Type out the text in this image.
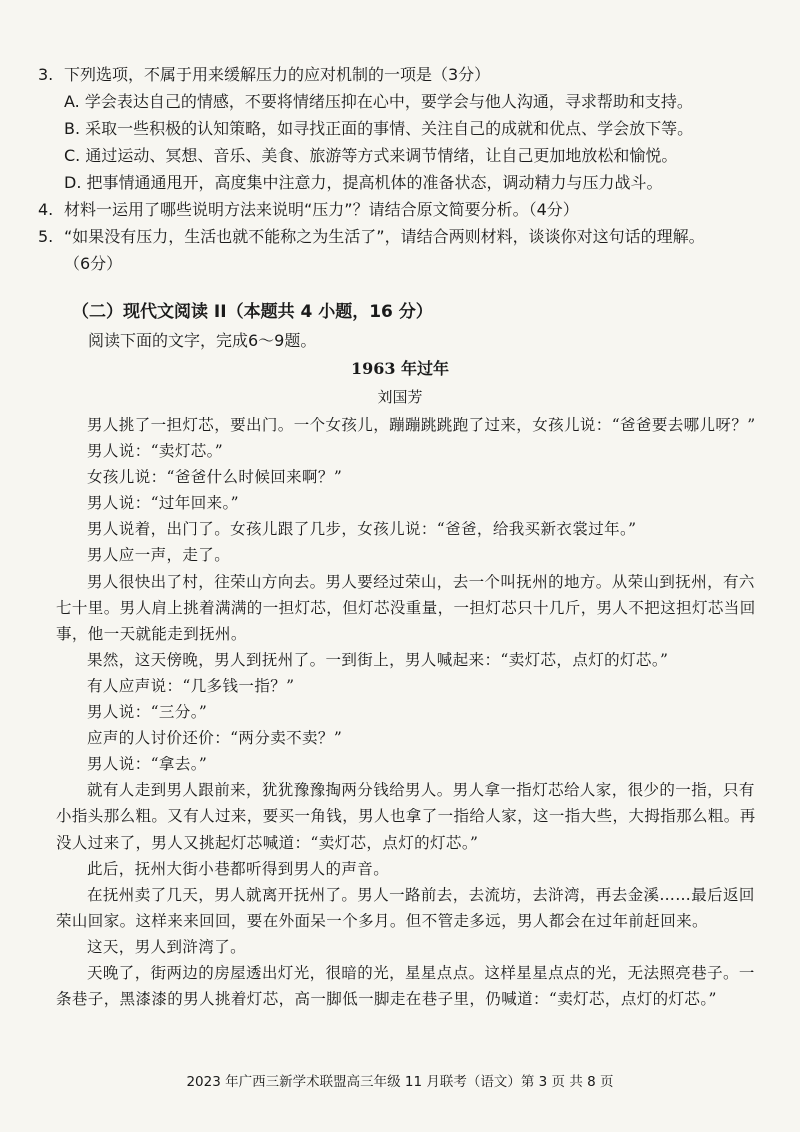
3. 下列选项，不属于用来缓解压力的应对机制的一项是（3分）
A. 学会表达自己的情感，不要将情绪压抑在心中，要学会与他人沟通，寻求帮助和支持。
B. 采取一些积极的认知策略，如寻找正面的事情、关注自己的成就和优点、学会放下等。
C. 通过运动、冥想、音乐、美食、旅游等方式来调节情绪，让自己更加地放松和愉悦。
D. 把事情通通甩开，高度集中注意力，提高机体的准备状态，调动精力与压力战斗。
4. 材料一运用了哪些说明方法来说明“压力”？请结合原文简要分析。（4分）
5. “如果没有压力，生活也就不能称之为生活了”，请结合两则材料，谈谈你对这句话的理解。
（6分）
（二）现代文阅读 II（本题共 4 小题，16 分）
阅读下面的文字，完成6～9题。
1963 年过年
刘国芳

男人挑了一担灯芯，要出门。一个女孩儿，蹦蹦跳跳跑了过来，女孩儿说：“爸爸要去哪儿呀？”

男人说：“卖灯芯。”

女孩儿说：“爸爸什么时候回来啊？”

男人说：“过年回来。”

男人说着，出门了。女孩儿跟了几步，女孩儿说：“爸爸，给我买新衣裳过年。”

男人应一声，走了。

男人很快出了村，往荣山方向去。男人要经过荣山，去一个叫抚州的地方。从荣山到抚州，有六七十里。男人肩上挑着满满的一担灯芯，但灯芯没重量，一担灯芯只十几斤，男人不把这担灯芯当回事，他一天就能走到抚州。

果然，这天傍晚，男人到抚州了。一到街上，男人喊起来：“卖灯芯，点灯的灯芯。”

有人应声说：“几多钱一指？”

男人说：“三分。”

应声的人讨价还价：“两分卖不卖？”

男人说：“拿去。”

就有人走到男人跟前来，犹犹豫豫掏两分钱给男人。男人拿一指灯芯给人家，很少的一指，只有小指头那么粗。又有人过来，要买一角钱，男人也拿了一指给人家，这一指大些，大拇指那么粗。再没人过来了，男人又挑起灯芯喊道：“卖灯芯，点灯的灯芯。”

此后，抚州大街小巷都听得到男人的声音。

在抚州卖了几天，男人就离开抚州了。男人一路前去，去流坊，去浒湾，再去金溪……最后返回荣山回家。这样来来回回，要在外面呆一个多月。但不管走多远，男人都会在过年前赶回来。

这天，男人到浒湾了。

天晚了，街两边的房屋透出灯光，很暗的光，星星点点。这样星星点点的光，无法照亮巷子。一条巷子，黑漆漆的男人挑着灯芯，高一脚低一脚走在巷子里，仍喊道：“卖灯芯，点灯的灯芯。”

2023 年广西三新学术联盟高三年级 11 月联考（语文）第 3 页 共 8 页
